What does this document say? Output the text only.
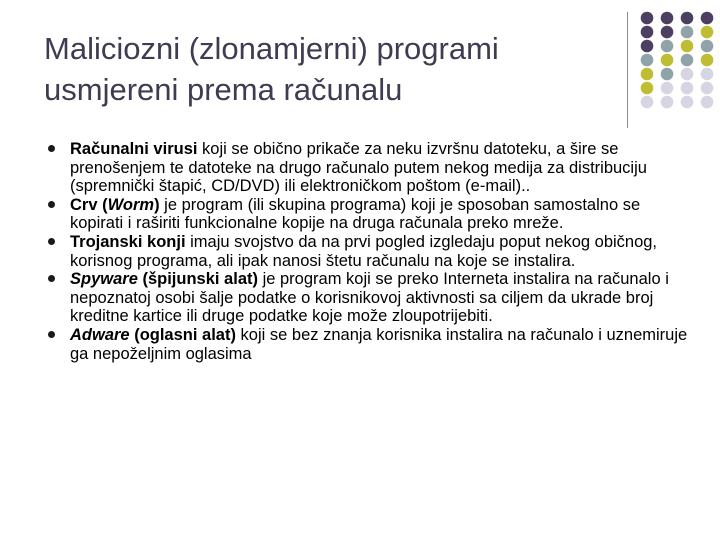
Maliciozni (zlonamjerni) programi
usmjereni prema računalu
Računalni virusi koji se obično prikače za neku izvršnu datoteku, a šire se prenošenjem te datoteke na drugo računalo putem nekog medija za distribuciju (spremnički štapić, CD/DVD) ili elektroničkom poštom (e-mail)..
Crv (Worm) je program (ili skupina programa) koji je sposoban samostalno se kopirati i raširiti funkcionalne kopije na druga računala preko mreže.
Trojanski konji imaju svojstvo da na prvi pogled izgledaju poput nekog običnog, korisnog programa, ali ipak nanosi štetu računalu na koje se instalira.
Spyware (špijunski alat) je program koji se preko Interneta instalira na računalo i nepoznatoj osobi šalje podatke o korisnikovoj aktivnosti sa ciljem da ukrade broj kreditne kartice ili druge podatke koje može zloupotrijebiti.
Adware (oglasni alat) koji se bez znanja korisnika instalira na računalo i uznemiruje ga nepoželjnim oglasima
